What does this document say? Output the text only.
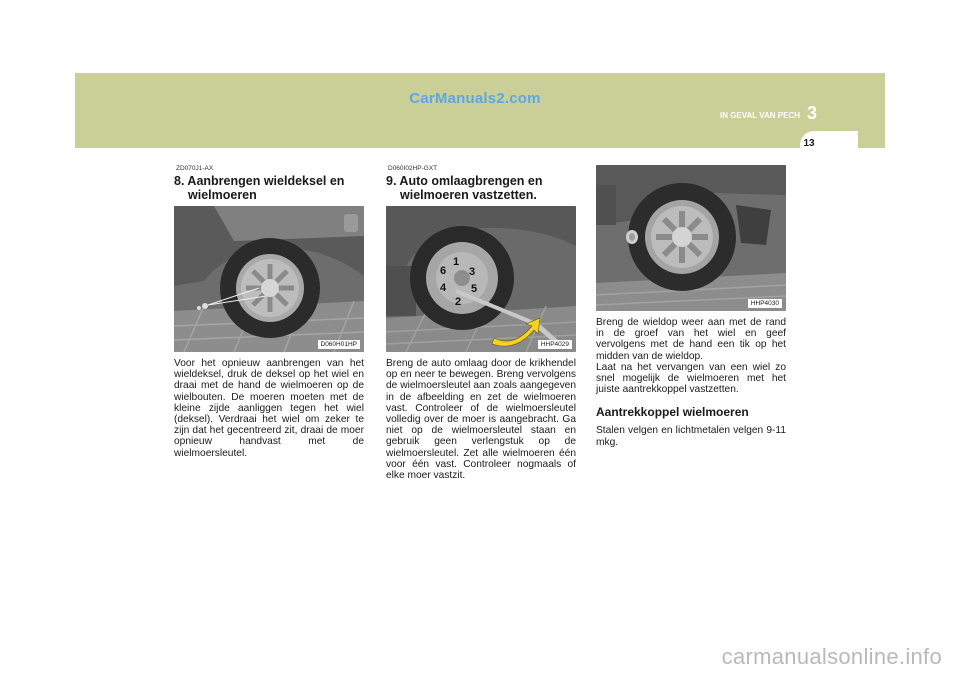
CarManuals2.com
IN GEVAL VAN PECH 3
13
ZD070J1-AX
8. Aanbrengen wieldeksel en wielmoeren
D060H01HP

Voor het opnieuw aanbrengen van het wieldeksel, druk de deksel op het wiel en draai met de hand de wielmoeren op de wielbouten. De moeren moeten met de kleine zijde aanliggen tegen het wiel (deksel). Verdraai het wiel om zeker te zijn dat het gecentreerd zit, draai de moer opnieuw handvast met de wielmoersleutel.

D060I02HP-GXT
9. Auto omlaagbrengen en wielmoeren vastzetten.
1
3
5
2
4
6
HHP4029

Breng de auto omlaag door de krikhendel op en neer te bewegen. Breng vervolgens de wielmoersleutel aan zoals aangegeven in de afbeelding en zet de wielmoeren vast. Controleer of de wielmoersleutel volledig over de moer is aangebracht. Ga niet op de wielmoersleutel staan en gebruik geen verlengstuk op de wielmoersleutel. Zet alle wielmoeren één voor één vast. Controleer nogmaals of elke moer vastzit.

HHP4030

Breng de wieldop weer aan met de rand in de groef van het wiel en geef vervolgens met de hand een tik op het midden van de wieldop.

Laat na het vervangen van een wiel zo snel mogelijk de wielmoeren met het juiste aantrekkoppel vastzetten.

Aantrekkoppel wielmoeren

Stalen velgen en lichtmetalen velgen 9-11 mkg.

carmanualsonline.info
